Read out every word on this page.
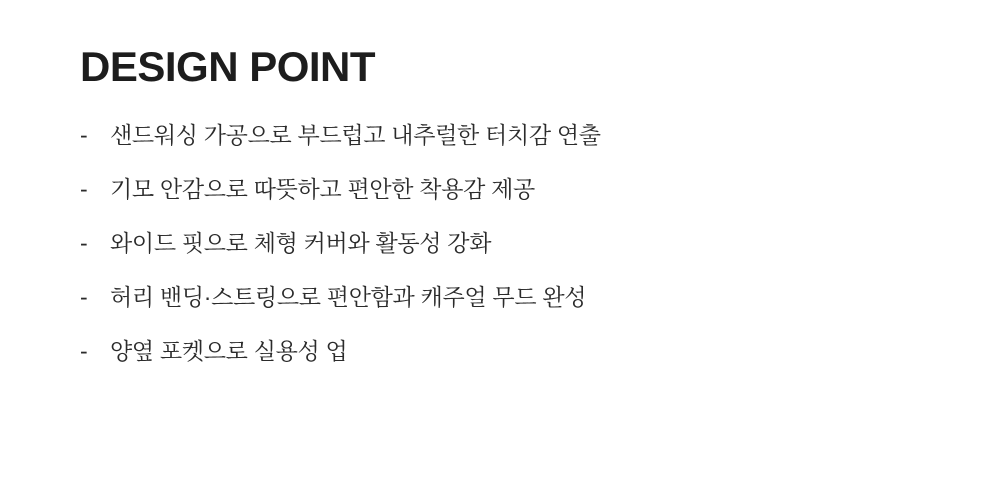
DESIGN POINT
- 샌드워싱 가공으로 부드럽고 내추럴한 터치감 연출
- 기모 안감으로 따뜻하고 편안한 착용감 제공
- 와이드 핏으로 체형 커버와 활동성 강화
- 허리 밴딩·스트링으로 편안함과 캐주얼 무드 완성
- 양옆 포켓으로 실용성 업
